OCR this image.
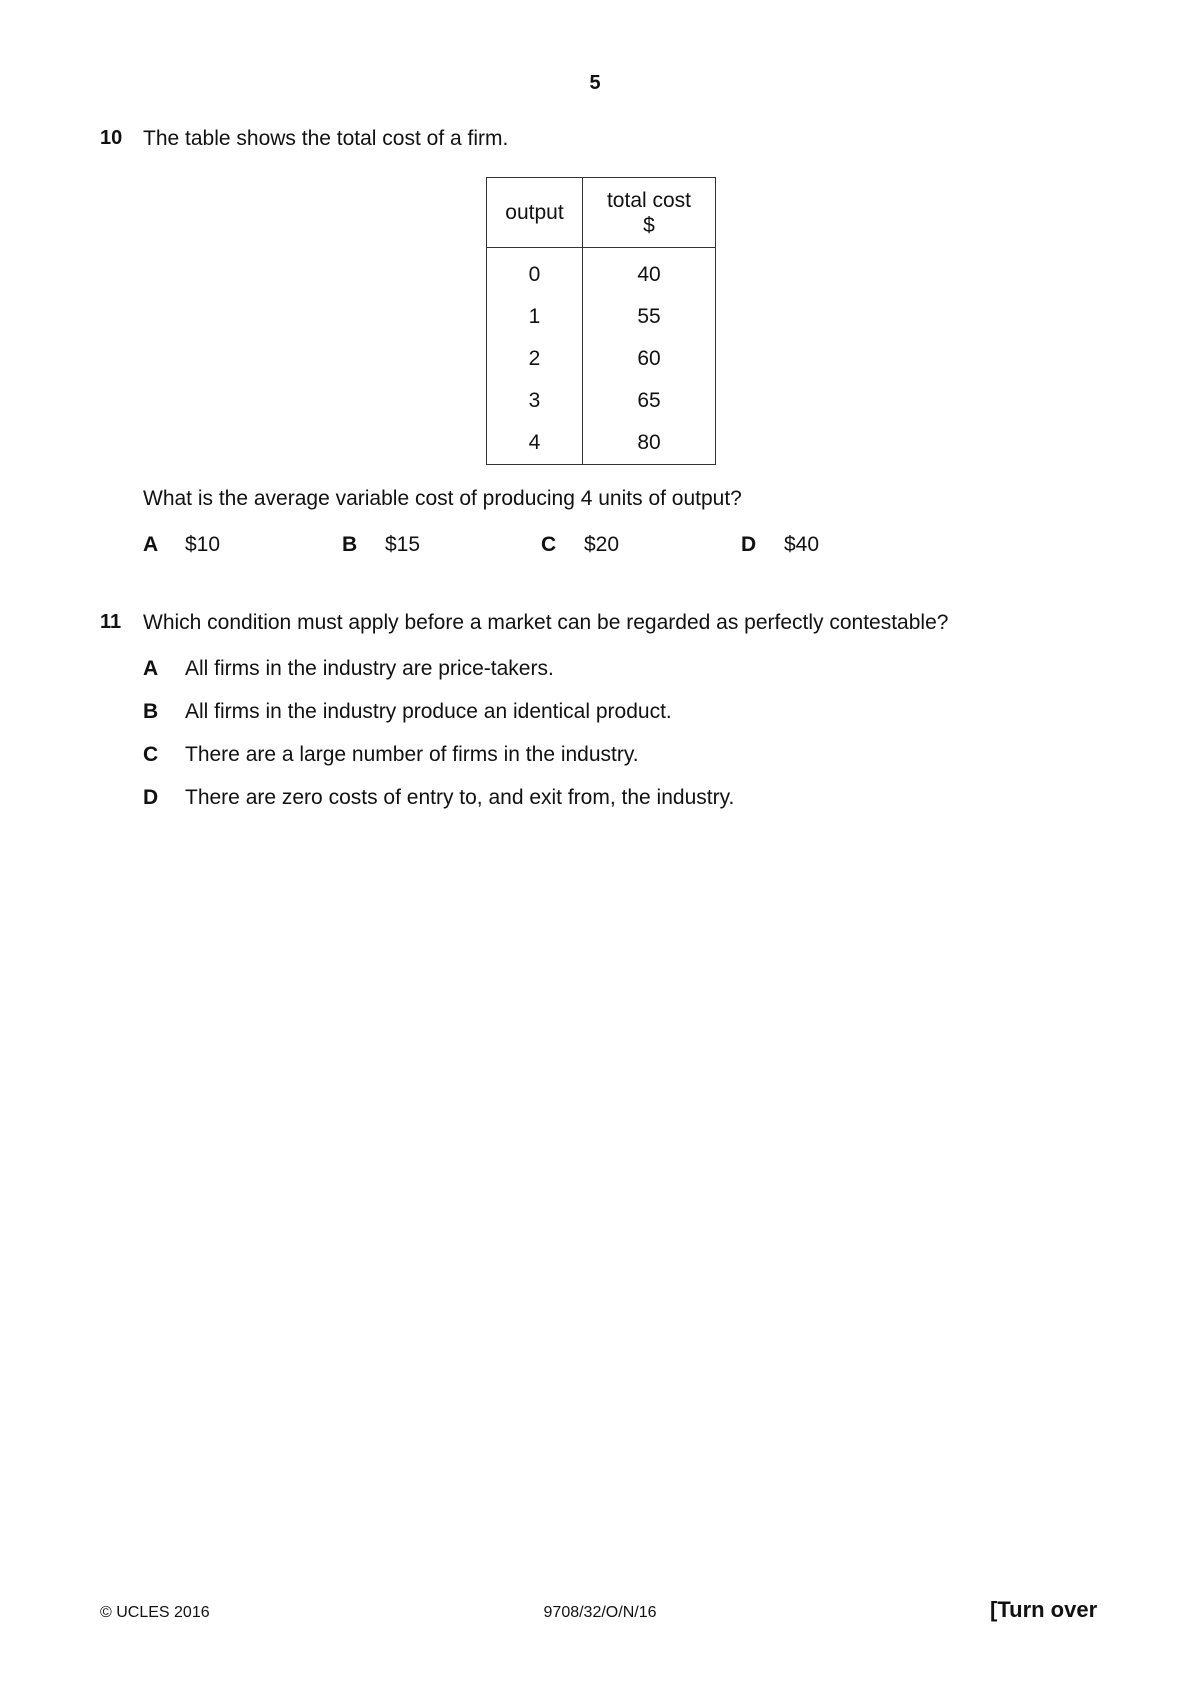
5
10 The table shows the total cost of a firm.
output	total cost
$

0	40
1	55
2	60
3	65
4	80
What is the average variable cost of producing 4 units of output?
A $10	B $15	C $20	D $40
11 Which condition must apply before a market can be regarded as perfectly contestable?
A All firms in the industry are price-takers.
B All firms in the industry produce an identical product.
C There are a large number of firms in the industry.
D There are zero costs of entry to, and exit from, the industry.
© UCLES 2016	9708/32/O/N/16	[Turn over
